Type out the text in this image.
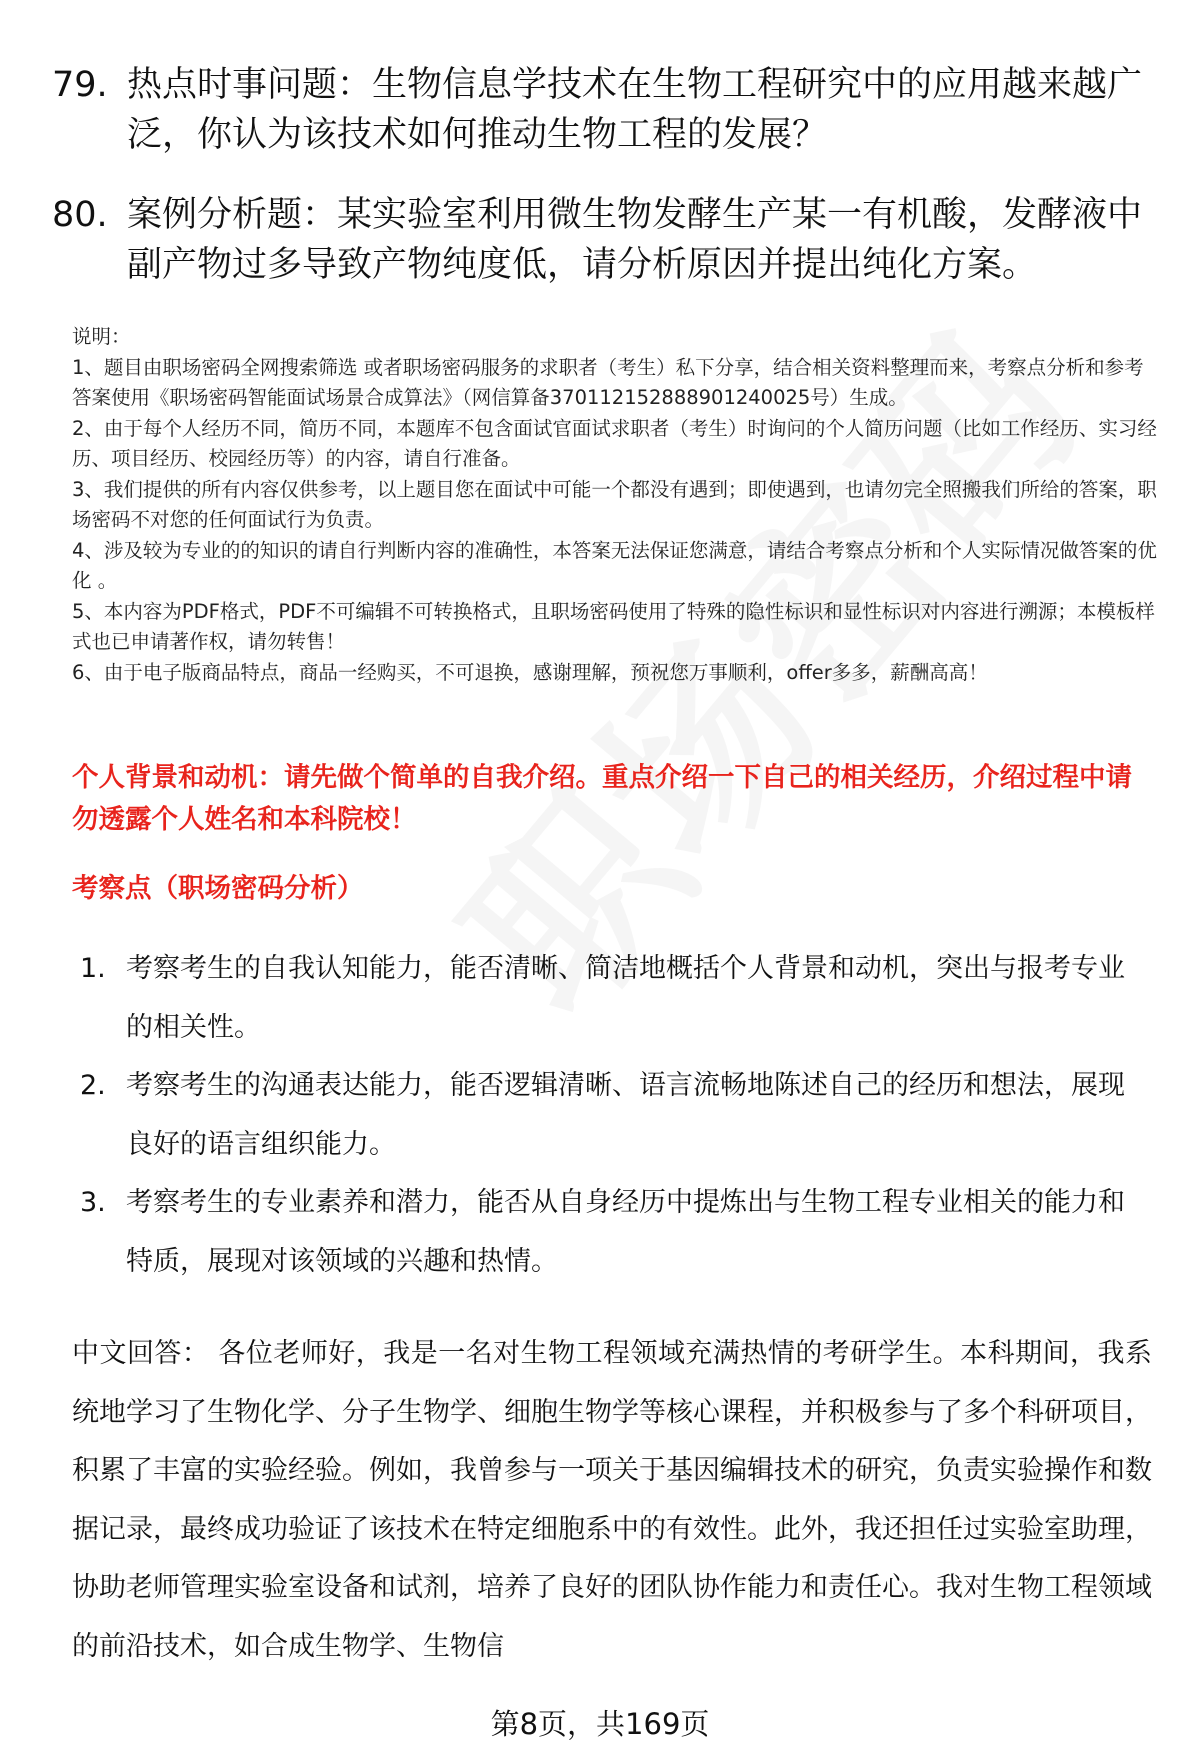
79. 热点时事问题：生物信息学技术在生物工程研究中的应用越来越广泛，你认为该技术如何推动生物工程的发展？
80. 案例分析题：某实验室利用微生物发酵生产某一有机酸，发酵液中副产物过多导致产物纯度低，请分析原因并提出纯化方案。
说明：
1、题目由职场密码全网搜索筛选 或者职场密码服务的求职者（考生）私下分享，结合相关资料整理而来，考察点分析和参考答案使用《职场密码智能面试场景合成算法》（网信算备370112152888901240025号）生成。
2、由于每个人经历不同，简历不同，本题库不包含面试官面试求职者（考生）时询问的个人简历问题（比如工作经历、实习经历、项目经历、校园经历等）的内容，请自行准备。
3、我们提供的所有内容仅供参考，以上题目您在面试中可能一个都没有遇到；即使遇到，也请勿完全照搬我们所给的答案，职场密码不对您的任何面试行为负责。
4、涉及较为专业的的知识的请自行判断内容的准确性，本答案无法保证您满意，请结合考察点分析和个人实际情况做答案的优化 。
5、本内容为PDF格式，PDF不可编辑不可转换格式，且职场密码使用了特殊的隐性标识和显性标识对内容进行溯源；本模板样式也已申请著作权，请勿转售！
6、由于电子版商品特点，商品一经购买，不可退换，感谢理解，预祝您万事顺利，offer多多，薪酬高高！
个人背景和动机：请先做个简单的自我介绍。重点介绍一下自己的相关经历，介绍过程中请勿透露个人姓名和本科院校！
考察点（职场密码分析）
1. 考察考生的自我认知能力，能否清晰、简洁地概括个人背景和动机，突出与报考专业的相关性。
2. 考察考生的沟通表达能力，能否逻辑清晰、语言流畅地陈述自己的经历和想法，展现良好的语言组织能力。
3. 考察考生的专业素养和潜力，能否从自身经历中提炼出与生物工程专业相关的能力和特质，展现对该领域的兴趣和热情。
中文回答： 各位老师好，我是一名对生物工程领域充满热情的考研学生。本科期间，我系统地学习了生物化学、分子生物学、细胞生物学等核心课程，并积极参与了多个科研项目，积累了丰富的实验经验。例如，我曾参与一项关于基因编辑技术的研究，负责实验操作和数据记录，最终成功验证了该技术在特定细胞系中的有效性。此外，我还担任过实验室助理，协助老师管理实验室设备和试剂，培养了良好的团队协作能力和责任心。我对生物工程领域的前沿技术，如合成生物学、生物信
第8页，共169页
